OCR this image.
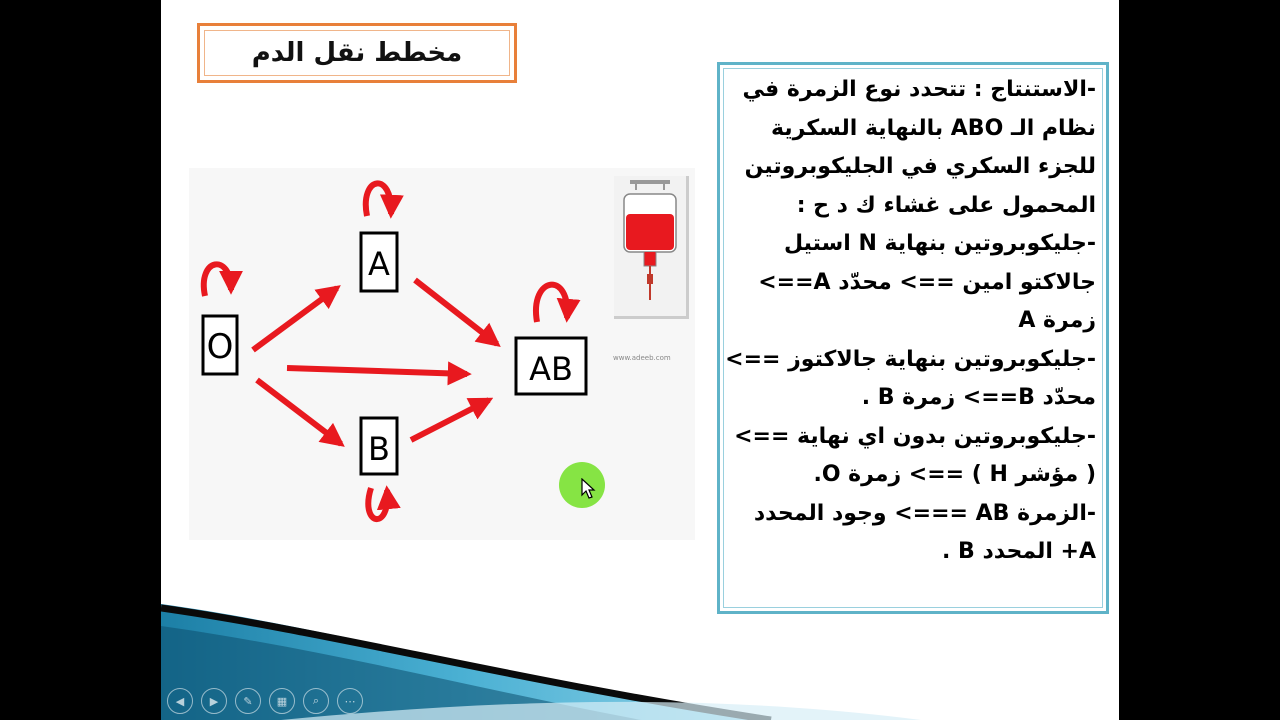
مخطط نقل الدم
O
A
B
AB	www.adeeb.com
-الاستنتاج : تتحدد نوع الزمرة في
نظام الـ ABO بالنهاية السكرية
للجزء السكري في الجليكوبروتين
المحمول على غشاء ك د ح :
-جليكوبروتين بنهاية N استيل
جالاكتو امين ==> محدّد A==>
زمرة A
-جليكوبروتين بنهاية جالاكتوز ==>
محدّد B==> زمرة B .
-جليكوبروتين بدون اي نهاية ==>
( مؤشر H ) ==> زمرة O.
-الزمرة AB ===> وجود المحدد
A+ المحدد B .
◀ ▶ ✎ ▦ ⌕ ⋯
